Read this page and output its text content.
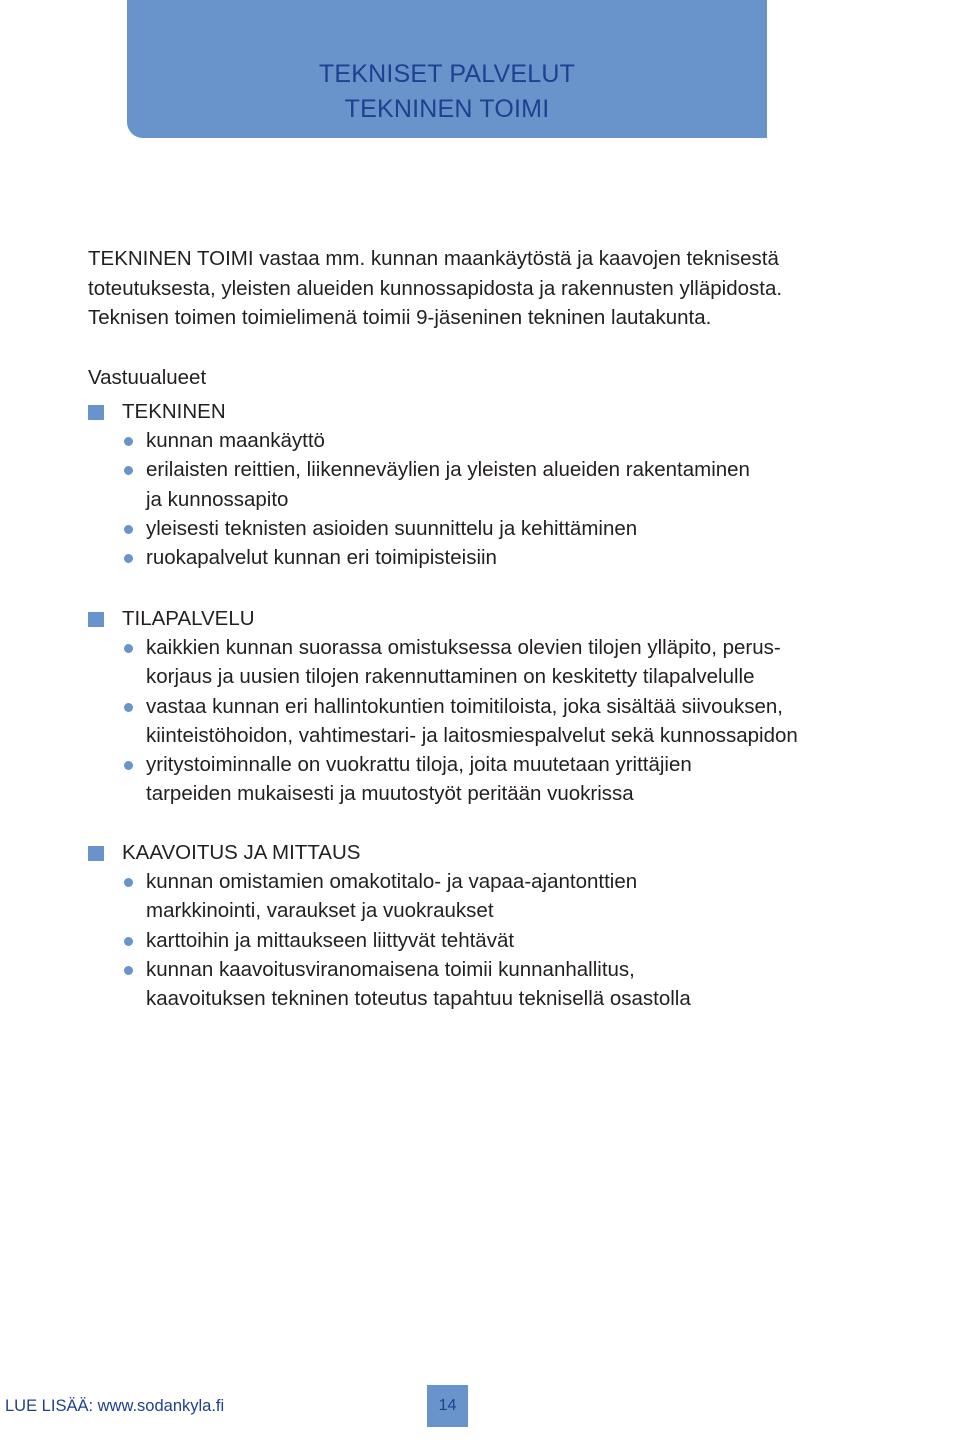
TEKNISET PALVELUT
TEKNINEN TOIMI

TEKNINEN TOIMI vastaa mm. kunnan maankäytöstä ja kaavojen teknisestä

toteutuksesta, yleisten alueiden kunnossapidosta ja rakennusten ylläpidosta.

Teknisen toimen toimielimenä toimii 9-jäseninen tekninen lautakunta.

Vastuualueet
TEKNINEN
kunnan maankäyttö
erilaisten reittien, liikenneväylien ja yleisten alueiden rakentaminen
ja kunnossapito
yleisesti teknisten asioiden suunnittelu ja kehittäminen
ruokapalvelut kunnan eri toimipisteisiin
TILAPALVELU
kaikkien kunnan suorassa omistuksessa olevien tilojen ylläpito, perus-
korjaus ja uusien tilojen rakennuttaminen on keskitetty tilapalvelulle
vastaa kunnan eri hallintokuntien toimitiloista, joka sisältää siivouksen,
kiinteistöhoidon, vahtimestari- ja laitosmiespalvelut sekä kunnossapidon
yritystoiminnalle on vuokrattu tiloja, joita muutetaan yrittäjien
tarpeiden mukaisesti ja muutostyöt peritään vuokrissa
KAAVOITUS JA MITTAUS
kunnan omistamien omakotitalo- ja vapaa-ajantonttien
markkinointi, varaukset ja vuokraukset
karttoihin ja mittaukseen liittyvät tehtävät
kunnan kaavoitusviranomaisena toimii kunnanhallitus,
kaavoituksen tekninen toteutus tapahtuu teknisellä osastolla
LUE LISÄÄ: www.sodankyla.fi	14
